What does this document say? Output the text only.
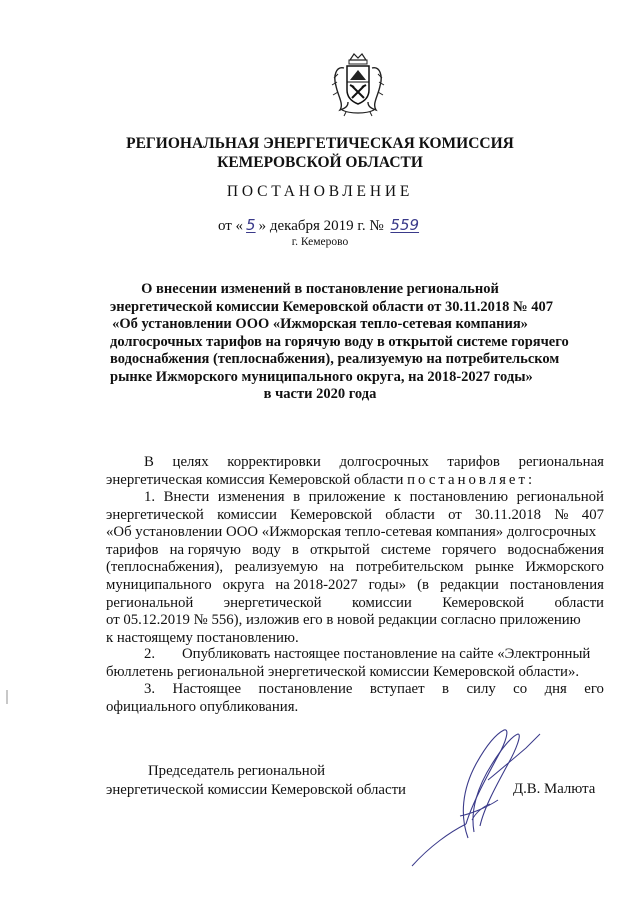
РЕГИОНАЛЬНАЯ ЭНЕРГЕТИЧЕСКАЯ КОМИССИЯ
КЕМЕРОВСКОЙ ОБЛАСТИ
ПОСТАНОВЛЕНИЕ
от « 5 » декабря 2019 г. № 559
г. Кемерово
О внесении изменений в постановление региональной
энергетической комиссии Кемеровской области от 30.11.2018 № 407
«Об установлении ООО «Ижморская тепло-сетевая компания»
долгосрочных тарифов на горячую воду в открытой системе горячего
водоснабжения (теплоснабжения), реализуемую на потребительском
рынке Ижморского муниципального округа, на 2018-2027 годы»
в части 2020 года
В целях корректировки долгосрочных тарифов региональная
энергетическая комиссия Кемеровской области постановляет:
1. Внести изменения в приложение к постановлению региональной
энергетической комиссии Кемеровской области от 30.11.2018 № 407
«Об установлении ООО «Ижморская тепло-сетевая компания» долгосрочных
тарифов на горячую воду в открытой системе горячего водоснабжения
(теплоснабжения), реализуемую на потребительском рынке Ижморского
муниципального округа на 2018-2027 годы» (в редакции постановления
региональной энергетической комиссии Кемеровской области
от 05.12.2019 № 556), изложив его в новой редакции согласно приложению
к настоящему постановлению.
2. Опубликовать настоящее постановление на сайте «Электронный
бюллетень региональной энергетической комиссии Кемеровской области».
3. Настоящее постановление вступает в силу со дня его
официального опубликования.
Председатель региональной
энергетической комиссии Кемеровской области	Д.В. Малюта
